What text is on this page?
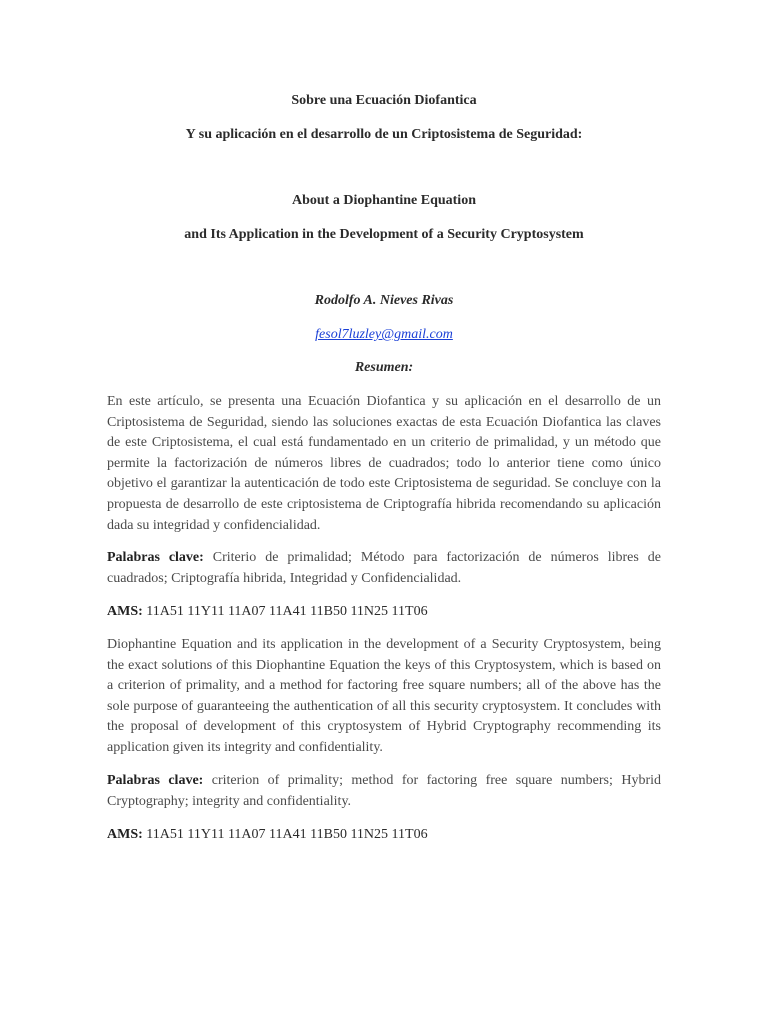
Sobre una Ecuación Diofantica

Y su aplicación en el desarrollo de un Criptosistema de Seguridad:

About a Diophantine Equation

and Its Application in the Development of a Security Cryptosystem

Rodolfo A. Nieves Rivas

fesol7luzley@gmail.com

Resumen:

En este artículo, se presenta una Ecuación Diofantica y su aplicación en el desarrollo de un Criptosistema de Seguridad, siendo las soluciones exactas de esta Ecuación Diofantica las claves de este Criptosistema, el cual está fundamentado en un criterio de primalidad, y un método que permite la factorización de números libres de cuadrados; todo lo anterior tiene como único objetivo el garantizar la autenticación de todo este Criptosistema de seguridad. Se concluye con la propuesta de desarrollo de este criptosistema de Criptografía hibrida recomendando su aplicación dada su integridad y confidencialidad.

Palabras clave: Criterio de primalidad; Método para factorización de números libres de cuadrados; Criptografía hibrida, Integridad y Confidencialidad.

AMS: 11A51 11Y11 11A07 11A41 11B50 11N25 11T06

Diophantine Equation and its application in the development of a Security Cryptosystem, being the exact solutions of this Diophantine Equation the keys of this Cryptosystem, which is based on a criterion of primality, and a method for factoring free square numbers; all of the above has the sole purpose of guaranteeing the authentication of all this security cryptosystem. It concludes with the proposal of development of this cryptosystem of Hybrid Cryptography recommending its application given its integrity and confidentiality.

Palabras clave: criterion of primality; method for factoring free square numbers; Hybrid Cryptography; integrity and confidentiality.

AMS: 11A51 11Y11 11A07 11A41 11B50 11N25 11T06
